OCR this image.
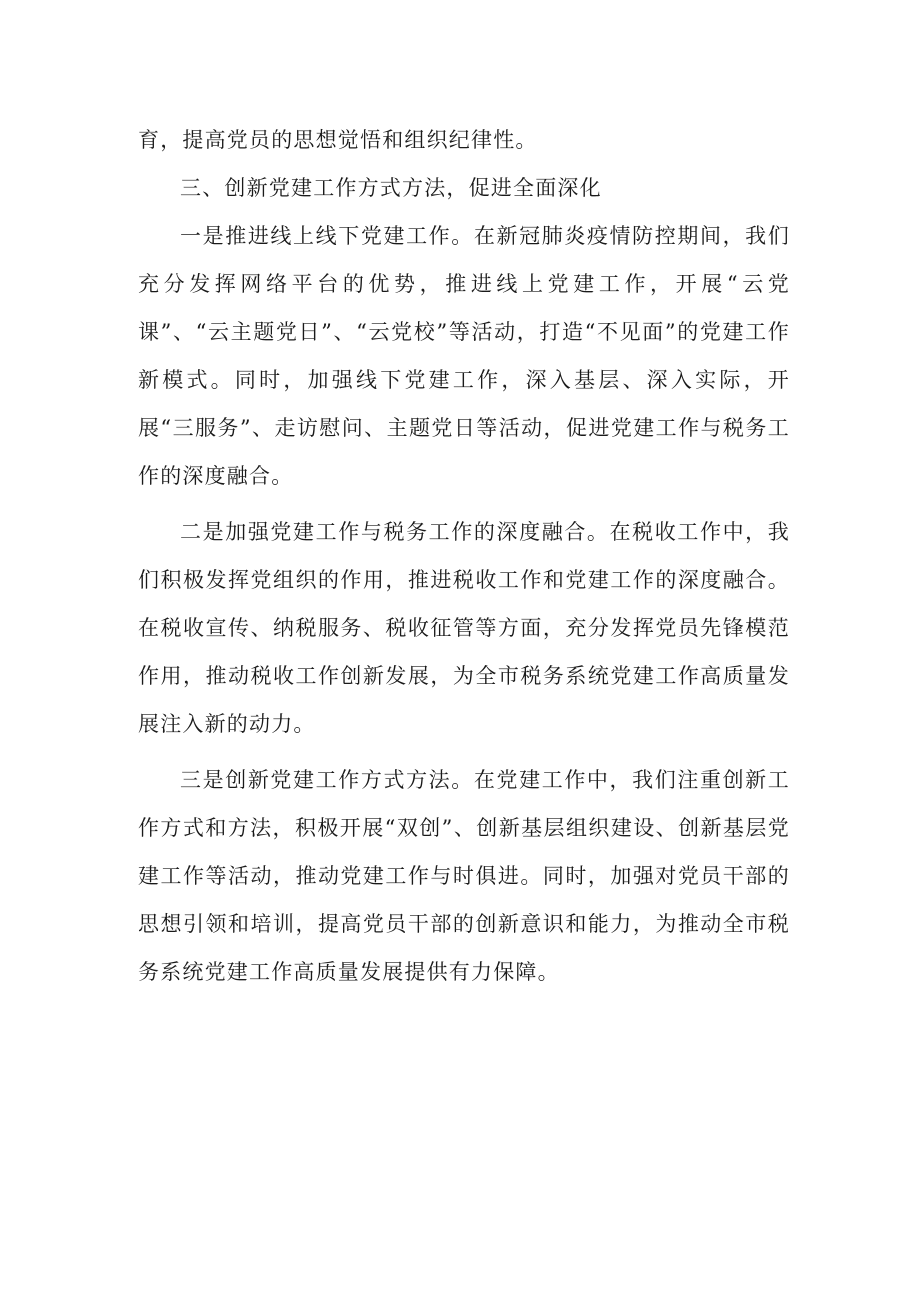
育，提高党员的思想觉悟和组织纪律性。

三、创新党建工作方式方法，促进全面深化

一是推进线上线下党建工作。在新冠肺炎疫情防控期间，我们充分发挥网络平台的优势，推进线上党建工作，开展“云党课”、“云主题党日”、“云党校”等活动，打造“不见面”的党建工作新模式。同时，加强线下党建工作，深入基层、深入实际，开展“三服务”、走访慰问、主题党日等活动，促进党建工作与税务工作的深度融合。

二是加强党建工作与税务工作的深度融合。在税收工作中，我们积极发挥党组织的作用，推进税收工作和党建工作的深度融合。在税收宣传、纳税服务、税收征管等方面，充分发挥党员先锋模范作用，推动税收工作创新发展，为全市税务系统党建工作高质量发展注入新的动力。

三是创新党建工作方式方法。在党建工作中，我们注重创新工作方式和方法，积极开展“双创”、创新基层组织建设、创新基层党建工作等活动，推动党建工作与时俱进。同时，加强对党员干部的思想引领和培训，提高党员干部的创新意识和能力，为推动全市税务系统党建工作高质量发展提供有力保障。
